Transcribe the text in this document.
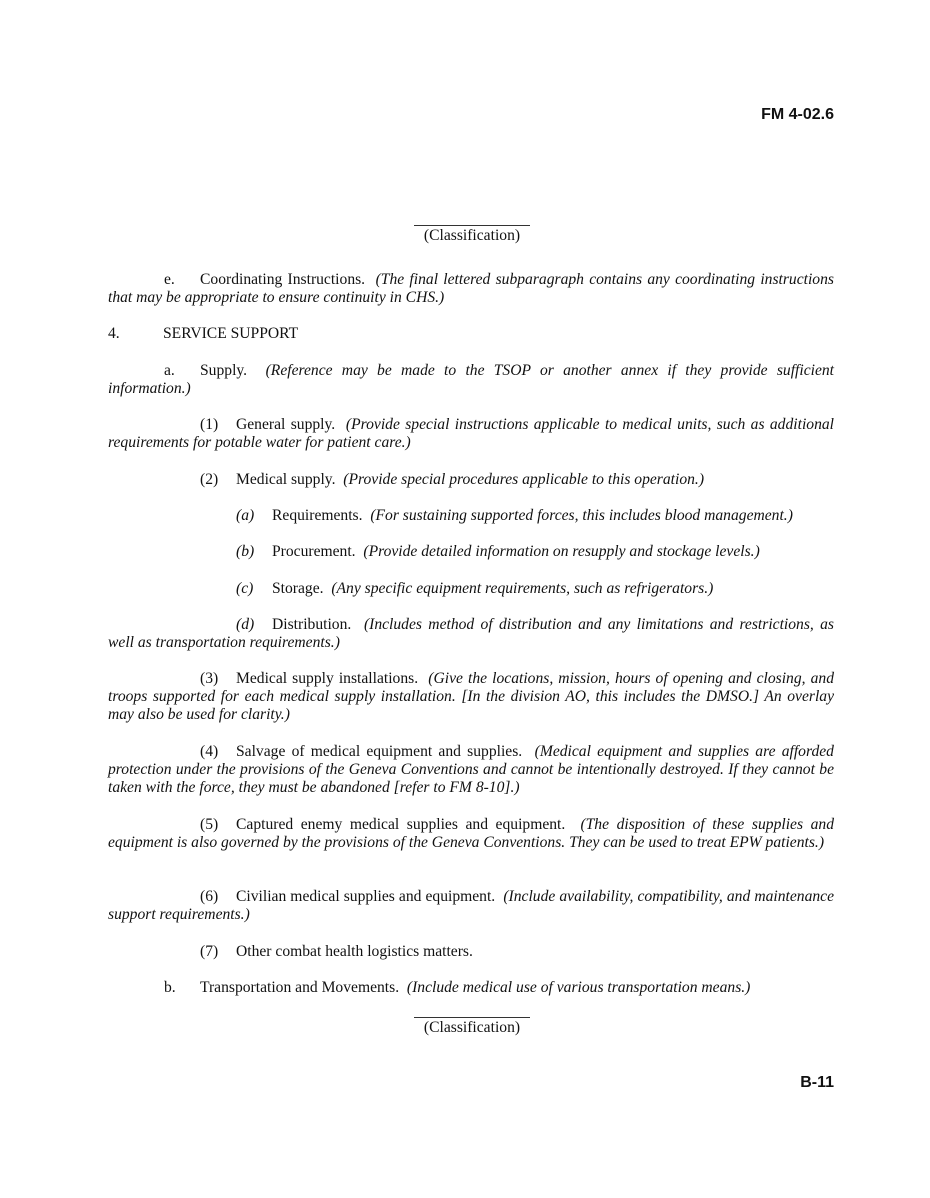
FM 4-02.6
(Classification)
e. Coordinating Instructions. (The final lettered subparagraph contains any coordinating instructions that may be appropriate to ensure continuity in CHS.)
4.	SERVICE SUPPORT
a. Supply. (Reference may be made to the TSOP or another annex if they provide sufficient information.)
(1) General supply. (Provide special instructions applicable to medical units, such as additional requirements for potable water for patient care.)
(2) Medical supply. (Provide special procedures applicable to this operation.)
(a) Requirements. (For sustaining supported forces, this includes blood management.)
(b) Procurement. (Provide detailed information on resupply and stockage levels.)
(c) Storage. (Any specific equipment requirements, such as refrigerators.)
(d) Distribution. (Includes method of distribution and any limitations and restrictions, as well as transportation requirements.)
(3) Medical supply installations. (Give the locations, mission, hours of opening and closing, and troops supported for each medical supply installation. [In the division AO, this includes the DMSO.] An overlay may also be used for clarity.)
(4) Salvage of medical equipment and supplies. (Medical equipment and supplies are afforded protection under the provisions of the Geneva Conventions and cannot be intentionally destroyed. If they cannot be taken with the force, they must be abandoned [refer to FM 8-10].)
(5) Captured enemy medical supplies and equipment. (The disposition of these supplies and equipment is also governed by the provisions of the Geneva Conventions. They can be used to treat EPW patients.)
(6) Civilian medical supplies and equipment. (Include availability, compatibility, and maintenance support requirements.)
(7) Other combat health logistics matters.
b. Transportation and Movements. (Include medical use of various transportation means.)
(Classification)
B-11
